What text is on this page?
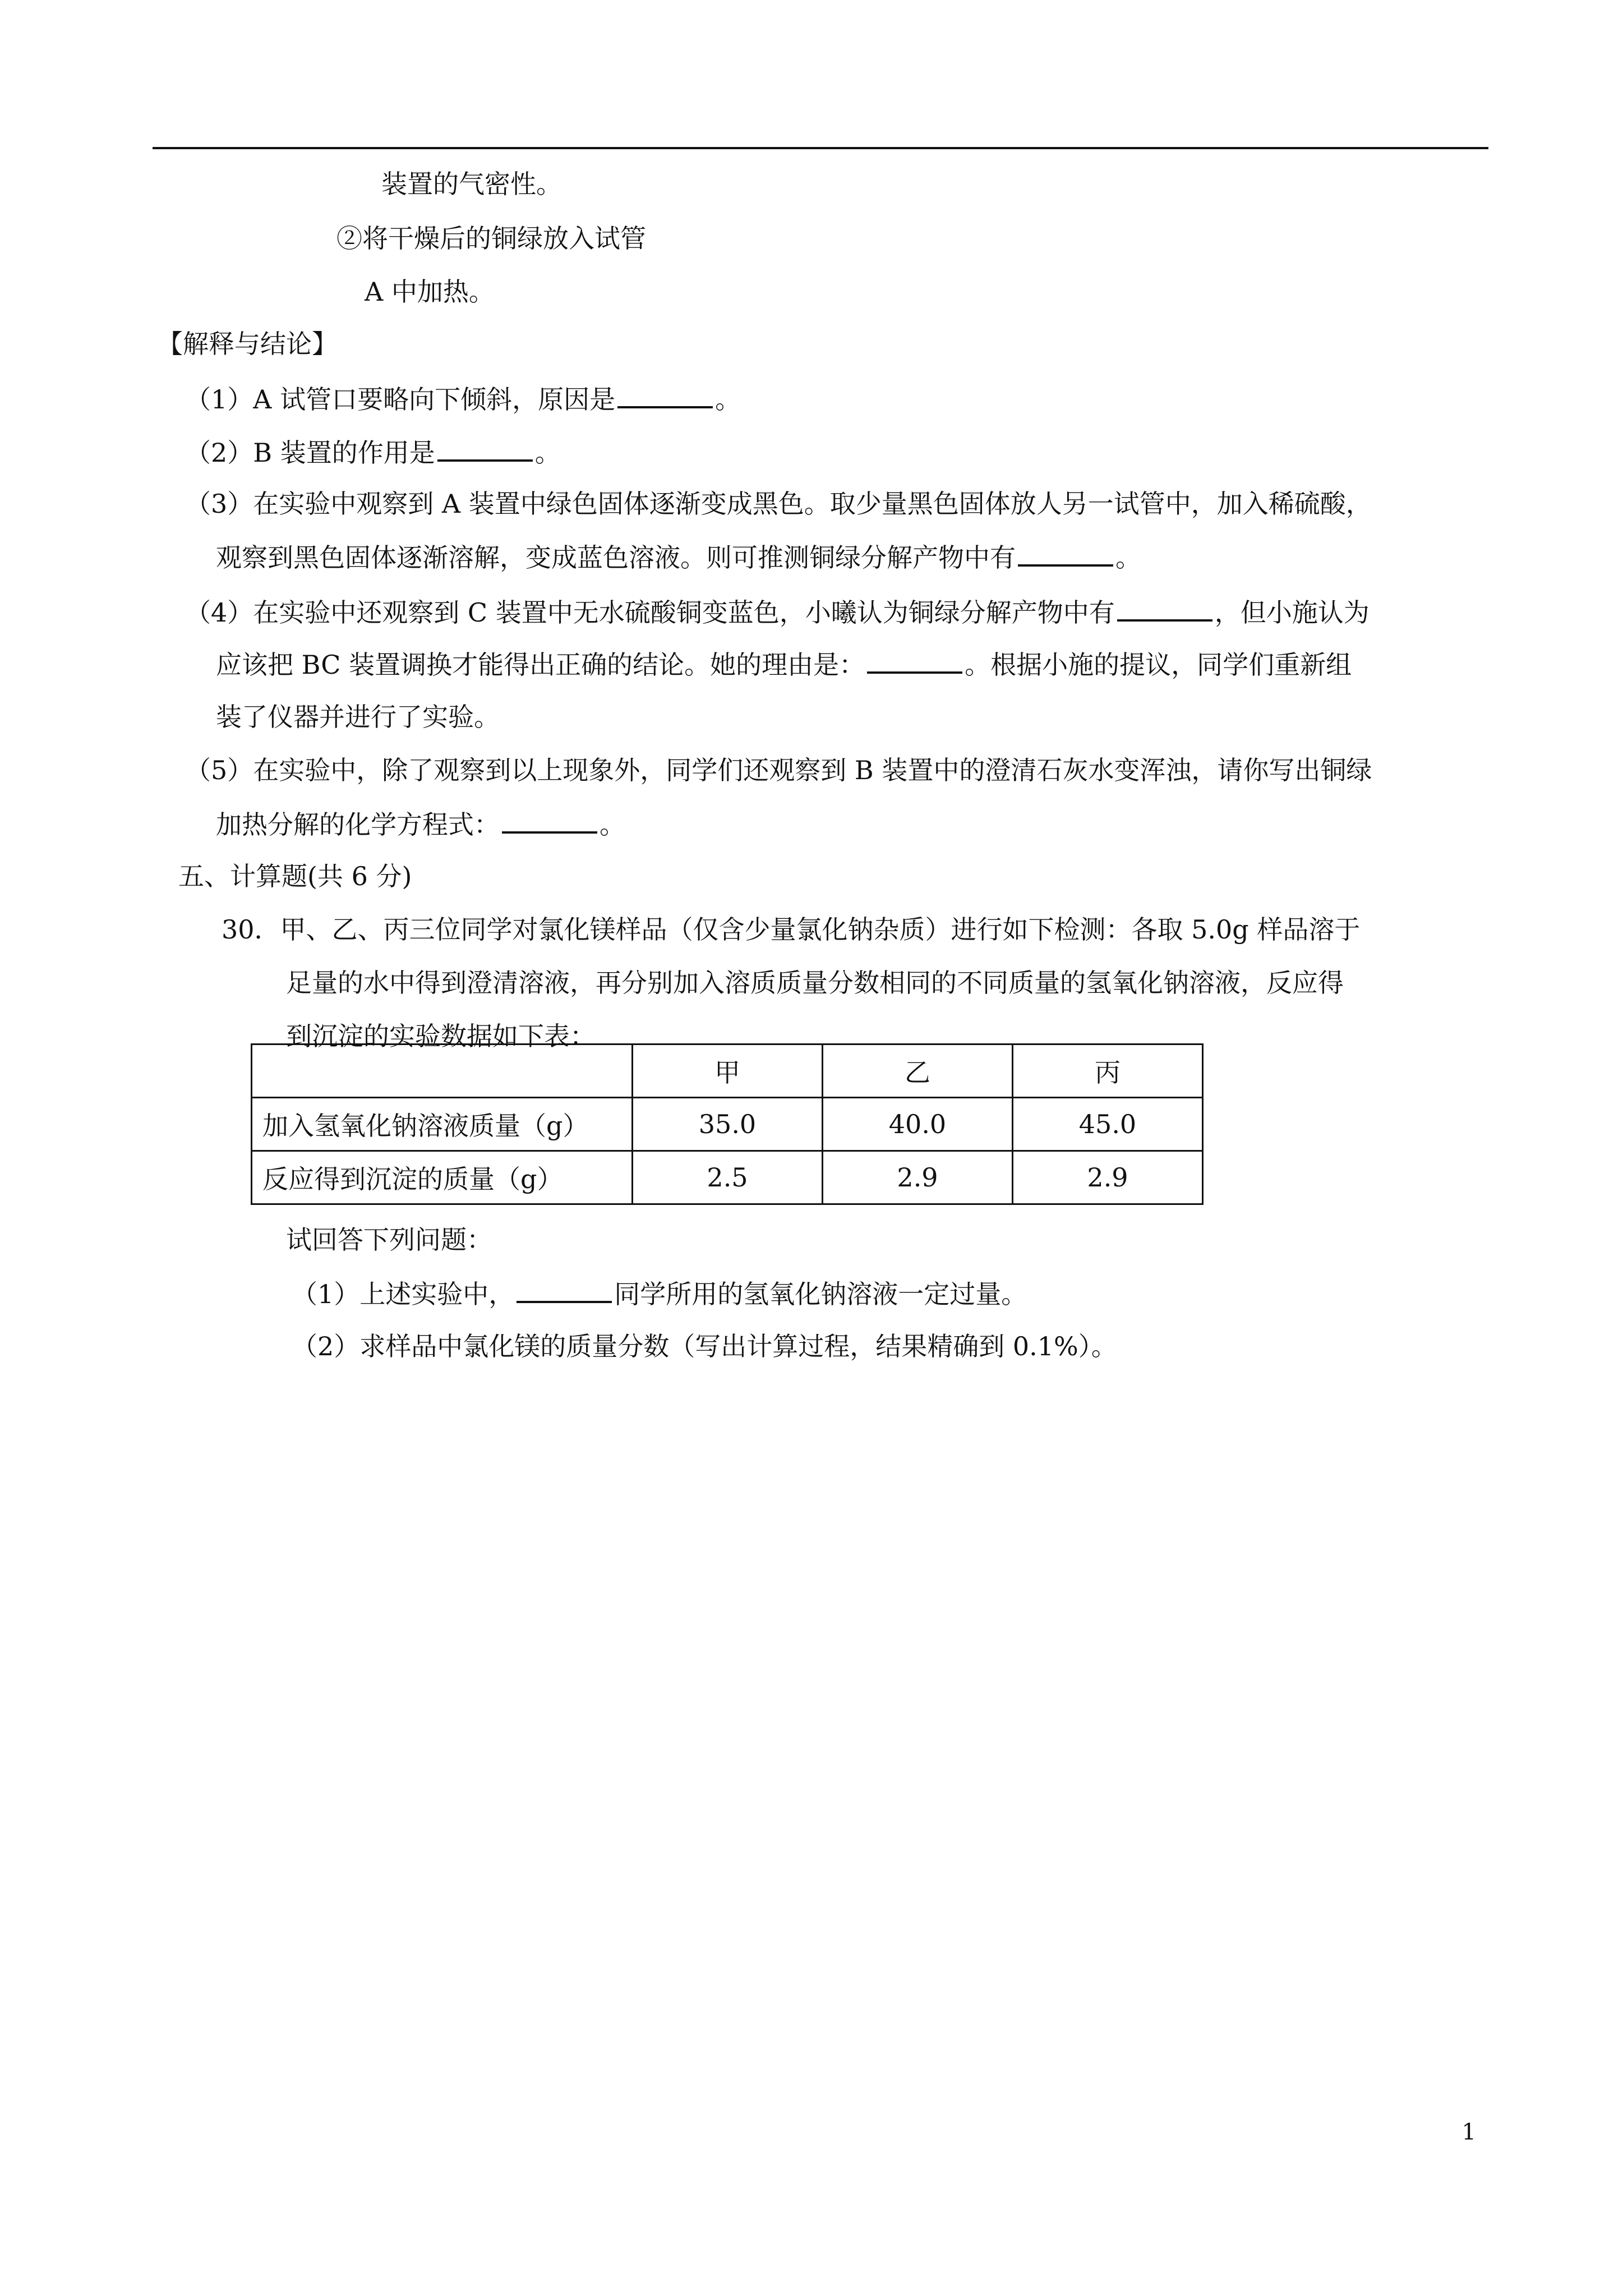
装置的气密性。
②将干燥后的铜绿放入试管
A 中加热。
【解释与结论】
（1）A 试管口要略向下倾斜，原因是	。
（2）B 装置的作用是	。
（3）在实验中观察到 A 装置中绿色固体逐渐变成黑色。取少量黑色固体放人另一试管中，加入稀硫酸，
观察到黑色固体逐渐溶解，变成蓝色溶液。则可推测铜绿分解产物中有	。
（4）在实验中还观察到 C 装置中无水硫酸铜变蓝色，小曦认为铜绿分解产物中有	，但小施认为
应该把 BC 装置调换才能得出正确的结论。她的理由是：	。根据小施的提议，同学们重新组
装了仪器并进行了实验。
（5）在实验中，除了观察到以上现象外，同学们还观察到 B 装置中的澄清石灰水变浑浊，请你写出铜绿
加热分解的化学方程式：	。
五、计算题(共 6 分)
30．甲、乙、丙三位同学对氯化镁样品（仅含少量氯化钠杂质）进行如下检测：各取 5.0g 样品溶于
足量的水中得到澄清溶液，再分别加入溶质质量分数相同的不同质量的氢氧化钠溶液，反应得
到沉淀的实验数据如下表：
	甲	乙	丙
加入氢氧化钠溶液质量（g）	35.0	40.0	45.0
反应得到沉淀的质量（g）	2.5	2.9	2.9
试回答下列问题：
（1）上述实验中，	同学所用的氢氧化钠溶液一定过量。
（2）求样品中氯化镁的质量分数（写出计算过程，结果精确到 0.1%）。
1
